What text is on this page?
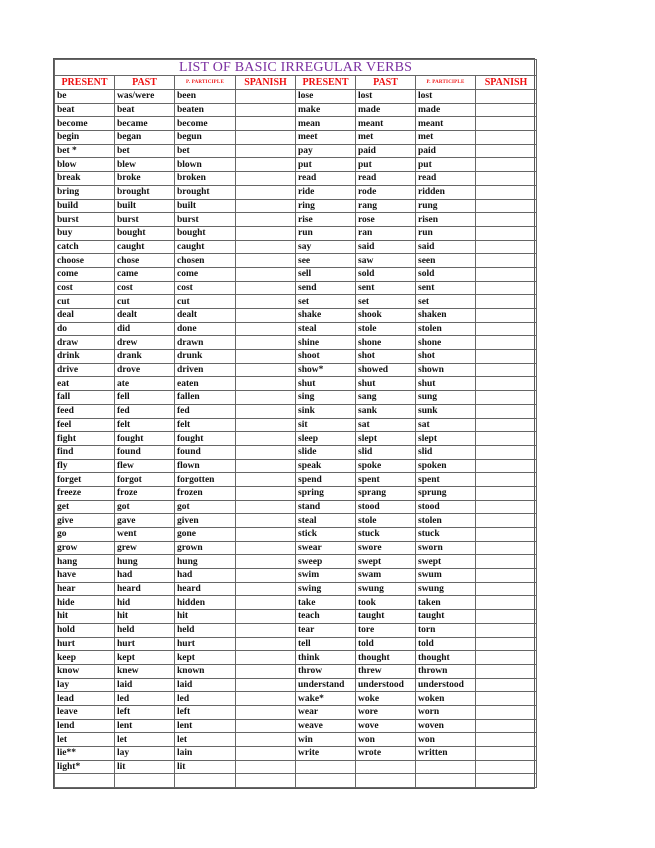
LIST OF BASIC IRREGULAR VERBS							
PRESENT	PAST	P. PARTICIPLE	SPANISH	PRESENT	PAST	P. PARTICIPLE	SPANISH
be	was/were	been		lose	lost	lost	
beat	beat	beaten		make	made	made	
become	became	become		mean	meant	meant	
begin	began	begun		meet	met	met	
bet *	bet	bet		pay	paid	paid	
blow	blew	blown		put	put	put	
break	broke	broken		read	read	read	
bring	brought	brought		ride	rode	ridden	
build	built	built		ring	rang	rung	
burst	burst	burst		rise	rose	risen	
buy	bought	bought		run	ran	run	
catch	caught	caught		say	said	said	
choose	chose	chosen		see	saw	seen	
come	came	come		sell	sold	sold	
cost	cost	cost		send	sent	sent	
cut	cut	cut		set	set	set	
deal	dealt	dealt		shake	shook	shaken	
do	did	done		steal	stole	stolen	
draw	drew	drawn		shine	shone	shone	
drink	drank	drunk		shoot	shot	shot	
drive	drove	driven		show*	showed	shown	
eat	ate	eaten		shut	shut	shut	
fall	fell	fallen		sing	sang	sung	
feed	fed	fed		sink	sank	sunk	
feel	felt	felt		sit	sat	sat	
fight	fought	fought		sleep	slept	slept	
find	found	found		slide	slid	slid	
fly	flew	flown		speak	spoke	spoken	
forget	forgot	forgotten		spend	spent	spent	
freeze	froze	frozen		spring	sprang	sprung	
get	got	got		stand	stood	stood	
give	gave	given		steal	stole	stolen	
go	went	gone		stick	stuck	stuck	
grow	grew	grown		swear	swore	sworn	
hang	hung	hung		sweep	swept	swept	
have	had	had		swim	swam	swum	
hear	heard	heard		swing	swung	swung	
hide	hid	hidden		take	took	taken	
hit	hit	hit		teach	taught	taught	
hold	held	held		tear	tore	torn	
hurt	hurt	hurt		tell	told	told	
keep	kept	kept		think	thought	thought	
know	knew	known		throw	threw	thrown	
lay	laid	laid		understand	understood	understood	
lead	led	led		wake*	woke	woken	
leave	left	left		wear	wore	worn	
lend	lent	lent		weave	wove	woven	
let	let	let		win	won	won	
lie**	lay	lain		write	wrote	written	
light*	lit	lit					
